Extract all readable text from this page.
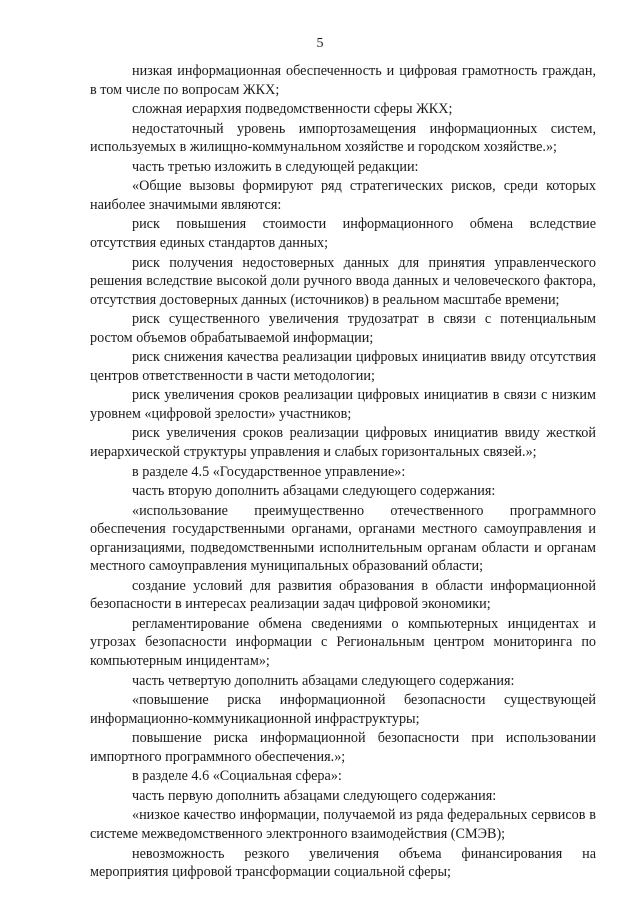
5

низкая информационная обеспеченность и цифровая грамотность граждан, в том числе по вопросам ЖКХ;

сложная иерархия подведомственности сферы ЖКХ;

недостаточный уровень импортозамещения информационных систем, используемых в жилищно-коммунальном хозяйстве и городском хозяйстве.»;

часть третью изложить в следующей редакции:

«Общие вызовы формируют ряд стратегических рисков, среди которых наиболее значимыми являются:

риск повышения стоимости информационного обмена вследствие отсутствия единых стандартов данных;

риск получения недостоверных данных для принятия управленческого решения вследствие высокой доли ручного ввода данных и человеческого фактора, отсутствия достоверных данных (источников) в реальном масштабе времени;

риск существенного увеличения трудозатрат в связи с потенциальным ростом объемов обрабатываемой информации;

риск снижения качества реализации цифровых инициатив ввиду отсутствия центров ответственности в части методологии;

риск увеличения сроков реализации цифровых инициатив в связи с низким уровнем «цифровой зрелости» участников;

риск увеличения сроков реализации цифровых инициатив ввиду жесткой иерархической структуры управления и слабых горизонтальных связей.»;

в разделе 4.5 «Государственное управление»:

часть вторую дополнить абзацами следующего содержания:

«использование преимущественно отечественного программного обеспечения государственными органами, органами местного самоуправления и организациями, подведомственными исполнительным органам области и органам местного самоуправления муниципальных образований области;

создание условий для развития образования в области информационной безопасности в интересах реализации задач цифровой экономики;

регламентирование обмена сведениями о компьютерных инцидентах и угрозах безопасности информации с Региональным центром мониторинга по компьютерным инцидентам»;

часть четвертую дополнить абзацами следующего содержания:

«повышение риска информационной безопасности существующей информационно-коммуникационной инфраструктуры;

повышение риска информационной безопасности при использовании импортного программного обеспечения.»;

в разделе 4.6 «Социальная сфера»:

часть первую дополнить абзацами следующего содержания:

«низкое качество информации, получаемой из ряда федеральных сервисов в системе межведомственного электронного взаимодействия (СМЭВ);

невозможность резкого увеличения объема финансирования на мероприятия цифровой трансформации социальной сферы;
